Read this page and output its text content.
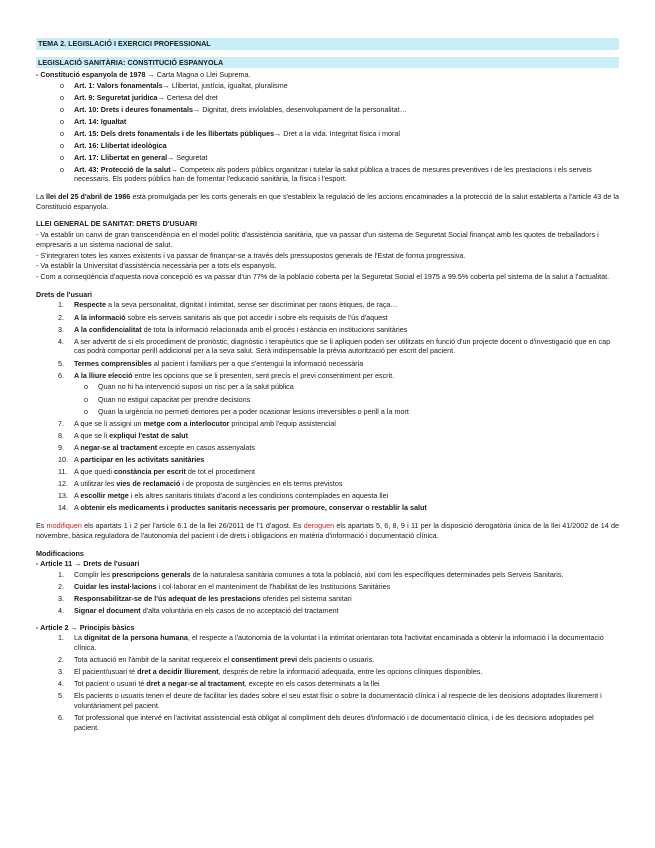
TEMA 2. LEGISLACIÓ I EXERCICI PROFESSIONAL
LEGISLACIÓ SANITÀRIA: CONSTITUCIÓ ESPANYOLA
- Constitució espanyola de 1978 → Carta Magna o Llei Suprema.
o Art. 1: Valors fonamentals→ Llibertat, justícia, igualtat, pluralisme
o Art. 9: Seguretat jurídica→ Certesa del dret
o Art. 10: Drets i deures fonamentals→ Dignitat, drets inviolables, desenvolupament de la personalitat…
o Art. 14: Igualtat
o Art. 15: Dels drets fonamentals i de les llibertats públiques→ Dret a la vida. Integritat física i moral
o Art. 16: Llibertat ideològica
o Art. 17: Llibertat en general→ Seguretat
o Art. 43: Protecció de la salut→ Competeix als poders públics organitzar i tutelar la salut pública a traces de mesures preventives i de les prestacions i els serveis necessaris. Els poders públics han de fomentar l'educació sanitària, la física i l'esport.
La llei del 25 d'abril de 1986 està promulgada per les corts generals en que s'estableix la regulació de les accions encaminades a la protecció de la salut establerta a l'article 43 de la Constitució espanyola.
LLEI GENERAL DE SANITAT: DRETS D'USUARI
- Va establir un canvi de gran transcendència en el model polític d'assistència sanitària, que va passar d'un sistema de Seguretat Social finançat amb les quotes de treballadors i empresaris a un sistema nacional de salut.
- S'integraren totes les xarxes existents i va passar de finançar-se a través dels pressupostos generals de l'Estat de forma progressiva.
- Va establir la Universitat d'assistència necessària per a tots els espanyols.
- Com a conseqüència d'aquesta nova concepció es va passar d'un 77% de la població coberta per la Seguretat Social el 1975 a 99.5% coberta pel sistema de la salut a l'actualitat.
Drets de l'usuari
1.	Respecte a la seva personalitat, dignitat i intimitat, sense ser discriminat per raons ètiques, de raça…
2.	A la informació sobre els serveis sanitaris als que pot accedir i sobre els requisits de l'ús d'aquest
3.	A la confidencialitat de tota la informació relacionada amb el procés i estància en institucions sanitàries
4.	A ser advertit de si els procediment de pronòstic, diagnòstic i terapèutics que se li apliquen poden ser utilitzats en funció d'un projecte docent o d'investigació que en cap cas podrà comportar perill addicional per a la seva salut. Serà indispensable la prèvia autorització per escrit del pacient.
5.	Termes comprensibles al pacient i familiars per a que s'entengui la informació necessària
6.	A la lliure elecció entre les opcions que se li presenten, sent precís el previ consentiment per escrit.
o Quan no hi ha intervenció suposi un risc per a la salut pública
o Quan no estigui capacitat per prendre decisions
o Quan la urgència no permeti demores per a poder ocasionar lesions irreversibles o perill a la mort
7.	A que se li assigni un metge com a interlocutor principal amb l'equip assistencial
8.	A que se li expliqui l'estat de salut
9.	A negar-se al tractament excepte en casos assenyalats
10. A participar en les activitats sanitàries
11. A que quedi constància per escrit de tot el procediment
12. A utilitzar les vies de reclamació i de proposta de surgències en els terms previstos
13. A escollir metge i els altres sanitaris titulats d'acord a les condicions contemplades en aquesta llei
14. A obtenir els medicaments i productes sanitaris necessaris per promoure, conservar o restablir la salut
Es modifiquen els apartats 1 i 2 per l'article 6.1 de la llei 26/2011 de l'1 d'agost. Es deroguen els apartats 5, 6, 8, 9 i 11 per la disposició derogatòria única de la llei 41/2002 de 14 de novembre, bàsica reguladora de l'autonomia del pacient i de drets i obligacions en matèria d'informació i documentació clínica.
Modificacions
- Article 11 → Drets de l'usuari
1.	Complir les prescripcions generals de la naturalesa sanitària comunes a tota la població, així com les específiques determinades pels Serveis Sanitaris.
2.	Cuidar les instal·lacions i col·laborar en el manteniment de l'habilitat de les Institucions Sanitàries
3.	Responsabilitzar-se de l'ús adequat de les prestacions oferides pel sistema sanitari
4.	Signar el document d'alta voluntària en els casos de no acceptació del tractament
- Article 2 → Principis bàsics
1.	La dignitat de la persona humana, el respecte a l'autonomia de la voluntat i la intimitat orientaran tota l'activitat encaminada a obtenir la informació i la documentació clínica.
2.	Tota actuació en l'àmbit de la sanitat requereix el consentiment previ dels pacients o usuaris.
3.	El pacient/usuari té dret a decidir lliurement, després de rebre la informació adequada, entre les opcions clíniques disponibles.
4.	Tot pacient o usuari té dret a negar-se al tractament, excepte en els casos determinats a la llei
5.	Els pacients o usuaris tenen el deure de facilitar les dades sobre el seu estat físic o sobre la documentació clínica i al respecte de les decisions adoptades lliurement i voluntàriament pel pacient.
6.	Tot professional que intervé en l'activitat assistencial està obligat al compliment dels deures d'informació i de documentació clínica, i de les decisions adoptades pel pacient.
